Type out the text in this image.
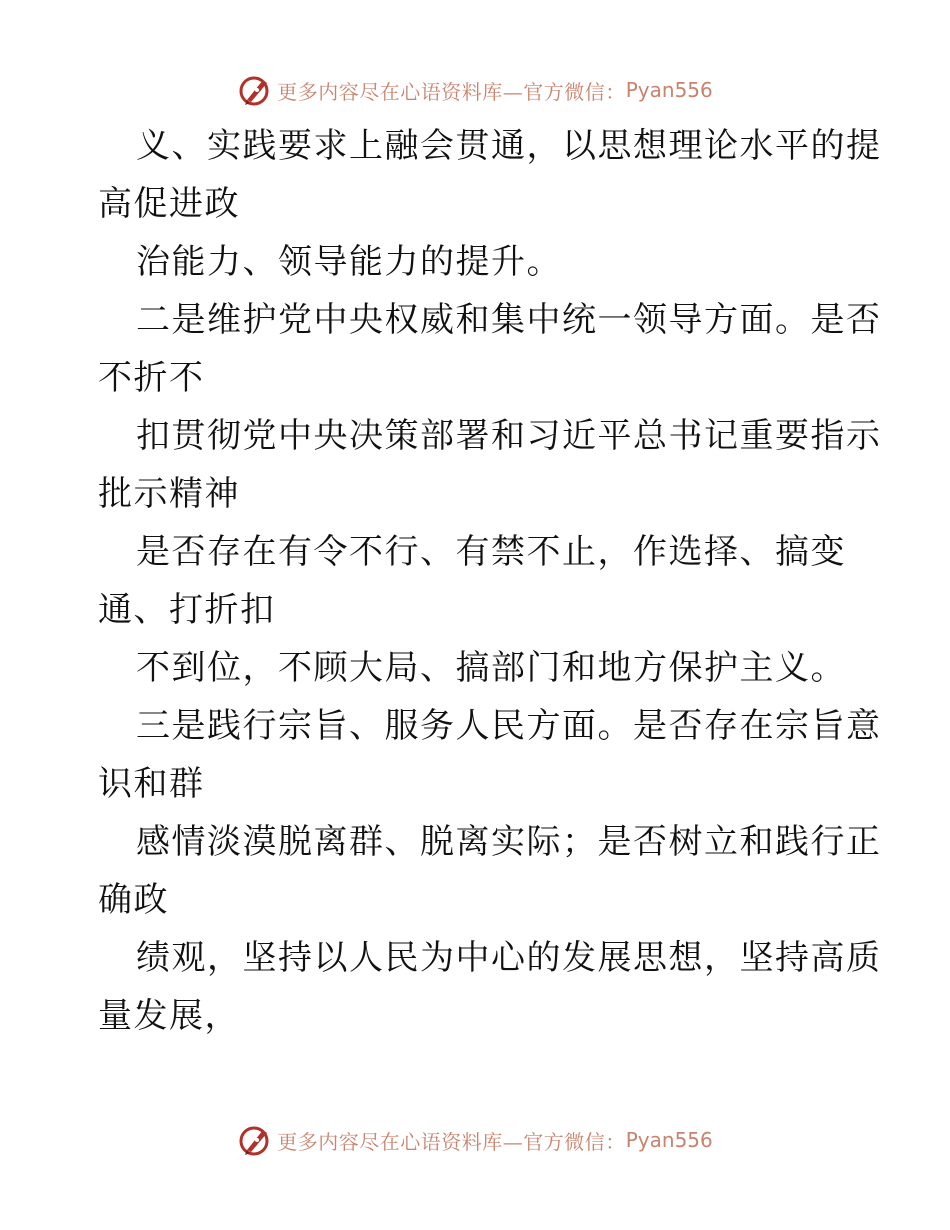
更多内容尽在心语资料库—官方微信： Pyan556
义、实践要求上融会贯通，以思想理论水平的提
高促进政
治能力、领导能力的提升。
二是维护党中央权威和集中统一领导方面。是否
不折不
扣贯彻党中央决策部署和习近平总书记重要指示
批示精神
是否存在有令不行、有禁不止，作选择、搞变
通、打折扣
不到位，不顾大局、搞部门和地方保护主义。
三是践行宗旨、服务人民方面。是否存在宗旨意
识和群
感情淡漠脱离群、脱离实际；是否树立和践行正
确政
绩观，坚持以人民为中心的发展思想，坚持高质
量发展，
更多内容尽在心语资料库—官方微信： Pyan556
